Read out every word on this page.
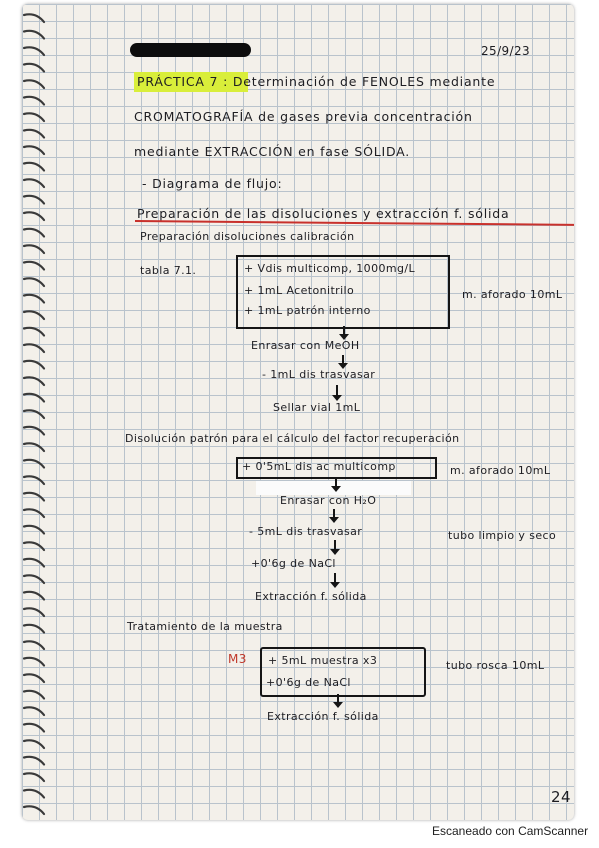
25/9/23
PRÁCTICA 7 : Determinación de FENOLES mediante
CROMATOGRAFÍA de gases previa concentración
mediante EXTRACCIÓN en fase SÓLIDA.
- Diagrama de flujo:
Preparación de las disoluciones y extracción f. sólida
Preparación disoluciones calibración
tabla 7.1.	+ Vdis multicomp, 1000mg/L
+ 1mL Acetonitrilo
+ 1mL patrón interno
m. aforado 10mL
Enrasar con MeOH
- 1mL dis trasvasar
Sellar vial 1mL
Disolución patrón para el cálculo del factor recuperación
+ 0'5mL dis ac multicomp	m. aforado 10mL
Enrasar con H₂O
- 5mL dis trasvasar	tubo limpio y seco
+0'6g de NaCl
Extracción f. sólida
Tratamiento de la muestra
M3 + 5mL muestra x3
+0'6g de NaCl
tubo rosca 10mL
Extracción f. sólida
24
Escaneado con CamScanner
